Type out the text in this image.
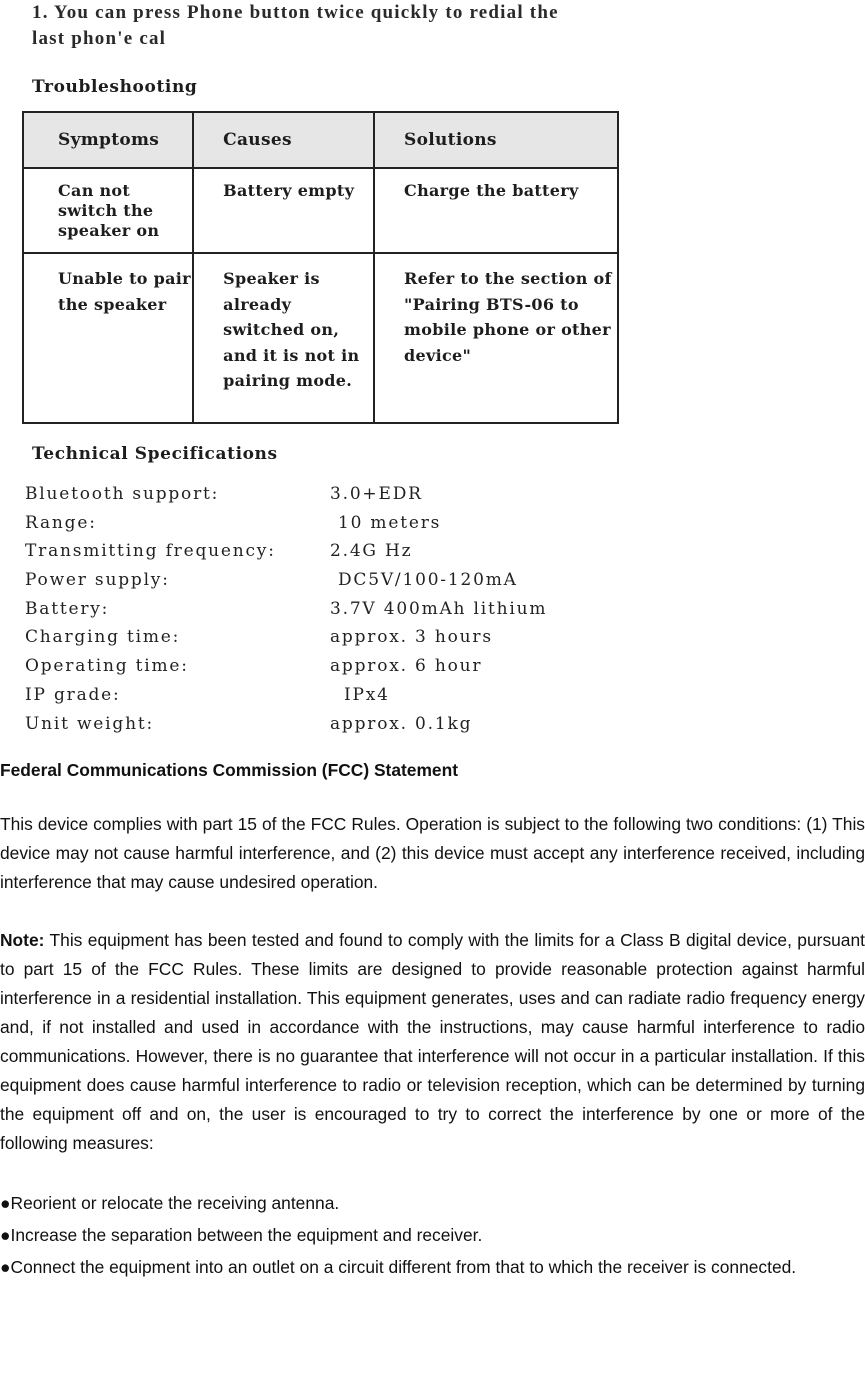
1. You can press Phone button twice quickly to redial the last phon'e cal
Troubleshooting
Symptoms	Causes	Solutions
Can not switch the speaker on	Battery empty	Charge the battery
Unable to pair the speaker	Speaker is already switched on, and it is not in pairing mode.	Refer to the section of "Pairing BTS-06 to mobile phone or other device"
Technical Specifications
Bluetooth support:	3.0+EDR
Range:	10 meters
Transmitting frequency:	2.4G Hz
Power supply:	DC5V/100-120mA
Battery:	3.7V 400mAh lithium
Charging time:	approx. 3 hours
Operating time:	approx. 6 hour
IP grade:	IPx4
Unit weight:	approx. 0.1kg

Federal Communications Commission (FCC) Statement

This device complies with part 15 of the FCC Rules. Operation is subject to the following two conditions: (1) This device may not cause harmful interference, and (2) this device must accept any interference received, including interference that may cause undesired operation.

Note: This equipment has been tested and found to comply with the limits for a Class B digital device, pursuant to part 15 of the FCC Rules. These limits are designed to provide reasonable protection against harmful interference in a residential installation. This equipment generates, uses and can radiate radio frequency energy and, if not installed and used in accordance with the instructions, may cause harmful interference to radio communications. However, there is no guarantee that interference will not occur in a particular installation. If this equipment does cause harmful interference to radio or television reception, which can be determined by turning the equipment off and on, the user is encouraged to try to correct the interference by one or more of the following measures:

●Reorient or relocate the receiving antenna.
●Increase the separation between the equipment and receiver.
●Connect the equipment into an outlet on a circuit different from that to which the receiver is connected.
